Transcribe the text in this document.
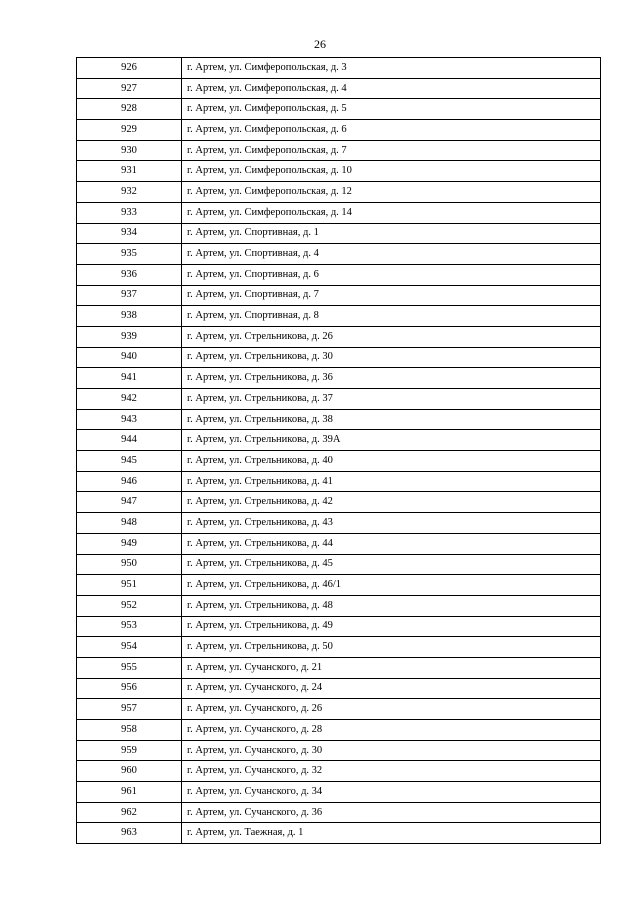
26
926	г. Артем, ул. Симферопольская, д. 3
927	г. Артем, ул. Симферопольская, д. 4
928	г. Артем, ул. Симферопольская, д. 5
929	г. Артем, ул. Симферопольская, д. 6
930	г. Артем, ул. Симферопольская, д. 7
931	г. Артем, ул. Симферопольская, д. 10
932	г. Артем, ул. Симферопольская, д. 12
933	г. Артем, ул. Симферопольская, д. 14
934	г. Артем, ул. Спортивная, д. 1
935	г. Артем, ул. Спортивная, д. 4
936	г. Артем, ул. Спортивная, д. 6
937	г. Артем, ул. Спортивная, д. 7
938	г. Артем, ул. Спортивная, д. 8
939	г. Артем, ул. Стрельникова, д. 26
940	г. Артем, ул. Стрельникова, д. 30
941	г. Артем, ул. Стрельникова, д. 36
942	г. Артем, ул. Стрельникова, д. 37
943	г. Артем, ул. Стрельникова, д. 38
944	г. Артем, ул. Стрельникова, д. 39А
945	г. Артем, ул. Стрельникова, д. 40
946	г. Артем, ул. Стрельникова, д. 41
947	г. Артем, ул. Стрельникова, д. 42
948	г. Артем, ул. Стрельникова, д. 43
949	г. Артем, ул. Стрельникова, д. 44
950	г. Артем, ул. Стрельникова, д. 45
951	г. Артем, ул. Стрельникова, д. 46/1
952	г. Артем, ул. Стрельникова, д. 48
953	г. Артем, ул. Стрельникова, д. 49
954	г. Артем, ул. Стрельникова, д. 50
955	г. Артем, ул. Сучанского, д. 21
956	г. Артем, ул. Сучанского, д. 24
957	г. Артем, ул. Сучанского, д. 26
958	г. Артем, ул. Сучанского, д. 28
959	г. Артем, ул. Сучанского, д. 30
960	г. Артем, ул. Сучанского, д. 32
961	г. Артем, ул. Сучанского, д. 34
962	г. Артем, ул. Сучанского, д. 36
963	г. Артем, ул. Таежная, д. 1
